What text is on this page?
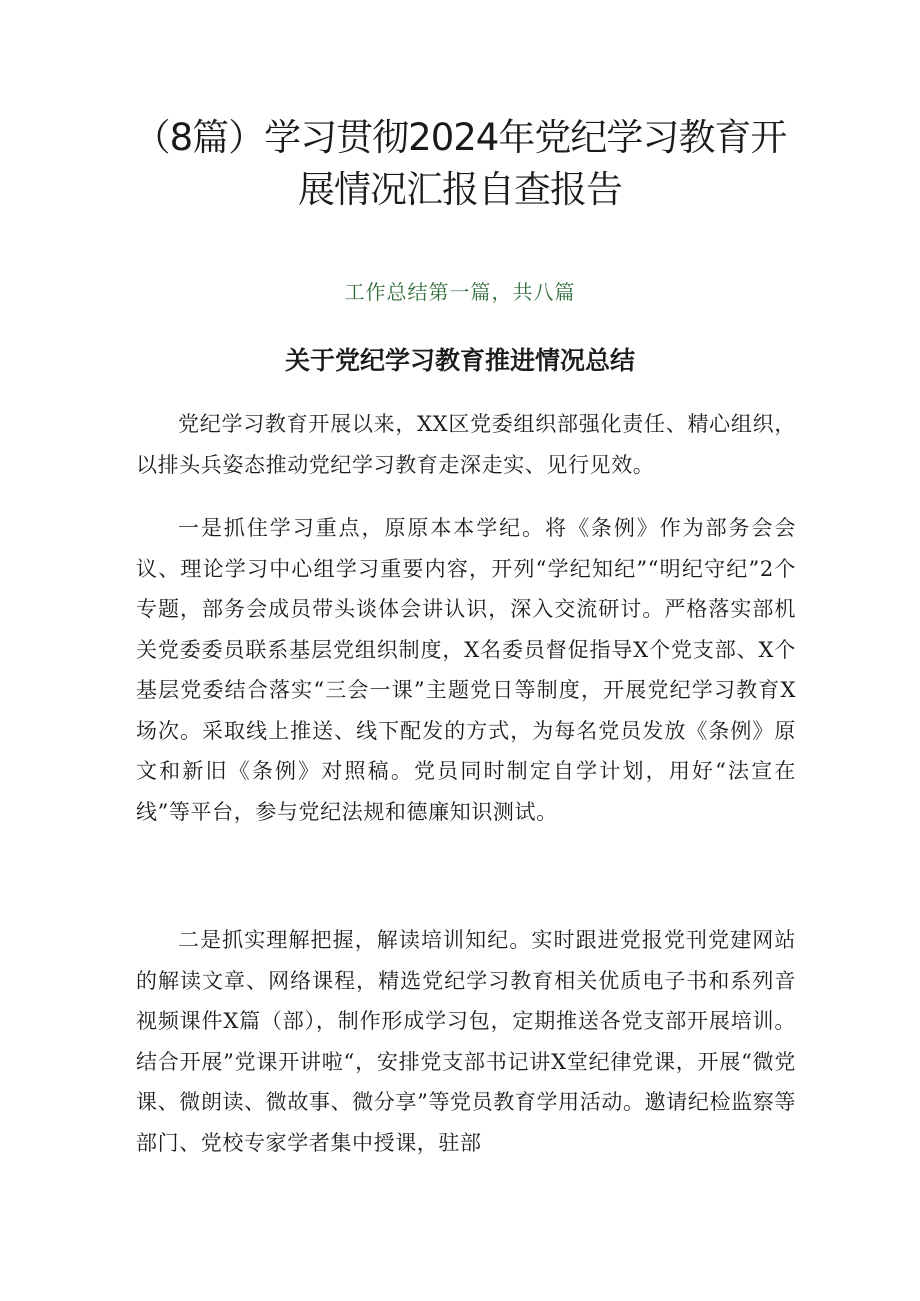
（8篇）学习贯彻2024年党纪学习教育开展情况汇报自查报告

工作总结第一篇，共八篇

关于党纪学习教育推进情况总结

党纪学习教育开展以来，XX区党委组织部强化责任、精心组织，以排头兵姿态推动党纪学习教育走深走实、见行见效。

一是抓住学习重点，原原本本学纪。将《条例》作为部务会会议、理论学习中心组学习重要内容，开列“学纪知纪”“明纪守纪”2个专题，部务会成员带头谈体会讲认识，深入交流研讨。严格落实部机关党委委员联系基层党组织制度，X名委员督促指导X个党支部、X个基层党委结合落实“三会一课”主题党日等制度，开展党纪学习教育X场次。采取线上推送、线下配发的方式，为每名党员发放《条例》原文和新旧《条例》对照稿。党员同时制定自学计划，用好“法宣在线”等平台，参与党纪法规和德廉知识测试。

二是抓实理解把握，解读培训知纪。实时跟进党报党刊党建网站的解读文章、网络课程，精选党纪学习教育相关优质电子书和系列音视频课件X篇（部），制作形成学习包，定期推送各党支部开展培训。结合开展”党课开讲啦“，安排党支部书记讲X堂纪律党课，开展“微党课、微朗读、微故事、微分享”等党员教育学用活动。邀请纪检监察等部门、党校专家学者集中授课，驻部
